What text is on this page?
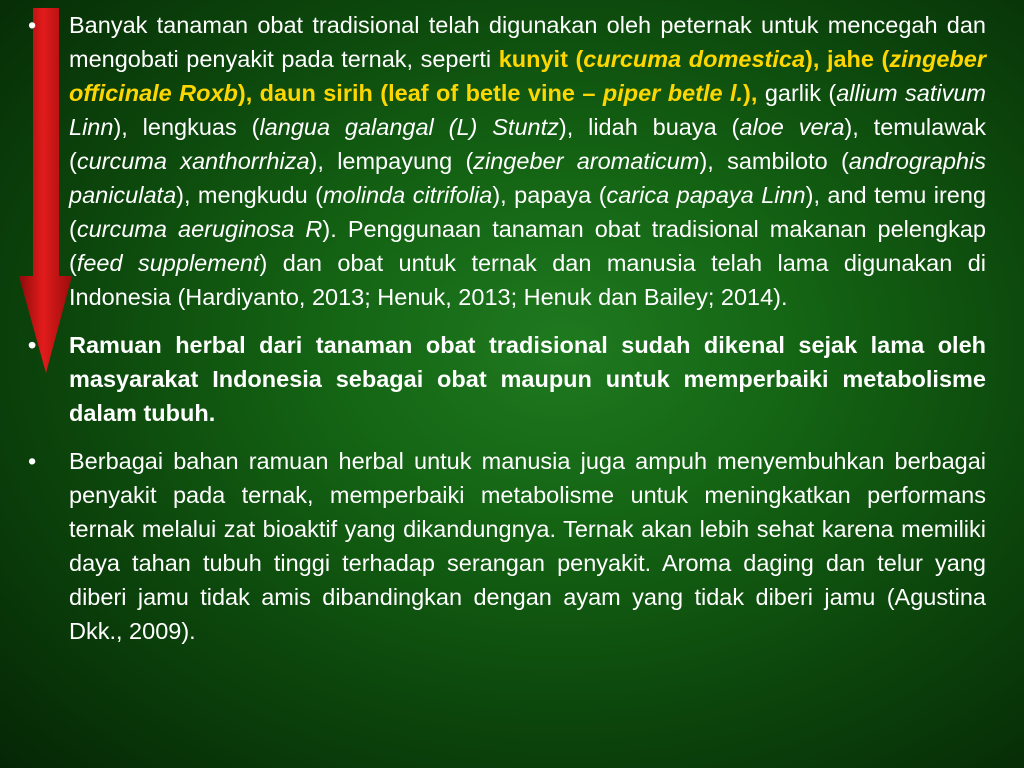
•	Banyak tanaman obat tradisional telah digunakan oleh peternak untuk mencegah dan mengobati penyakit pada ternak, seperti kunyit (curcuma domestica), jahe (zingeber officinale Roxb), daun sirih (leaf of betle vine – piper betle l.), garlik (allium sativum Linn), lengkuas (langua galangal (L) Stuntz), lidah buaya (aloe vera), temulawak (curcuma xanthorrhiza), lempayung (zingeber aromaticum), sambiloto (andrographis paniculata), mengkudu (molinda citrifolia), papaya (carica papaya Linn), and temu ireng (curcuma aeruginosa R). Penggunaan tanaman obat tradisional makanan pelengkap (feed supplement) dan obat untuk ternak dan manusia telah lama digunakan di Indonesia (Hardiyanto, 2013; Henuk, 2013; Henuk dan Bailey; 2014).
•	Ramuan herbal dari tanaman obat tradisional sudah dikenal sejak lama oleh masyarakat Indonesia sebagai obat maupun untuk memperbaiki metabolisme dalam tubuh.
•	Berbagai bahan ramuan herbal untuk manusia juga ampuh menyembuhkan berbagai penyakit pada ternak, memperbaiki metabolisme untuk meningkatkan performans ternak melalui zat bioaktif yang dikandungnya. Ternak akan lebih sehat karena memiliki daya tahan tubuh tinggi terhadap serangan penyakit. Aroma daging dan telur yang diberi jamu tidak amis dibandingkan dengan ayam yang tidak diberi jamu (Agustina Dkk., 2009).
